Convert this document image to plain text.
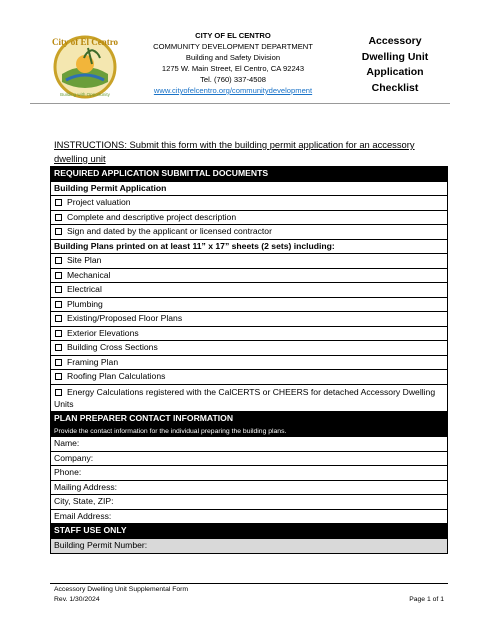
City of El Centro
Building with Opportunity
CITY OF EL CENTRO
COMMUNITY DEVELOPMENT DEPARTMENT
Building and Safety Division
1275 W. Main Street, El Centro, CA 92243
Tel. (760) 337-4508
www.cityofelcentro.org/communitydevelopment
Accessory
Dwelling Unit
Application
Checklist
INSTRUCTIONS: Submit this form with the building permit application for an accessory dwelling unit
REQUIRED APPLICATION SUBMITTAL DOCUMENTS
Building Permit Application
Project valuation
Complete and descriptive project description
Sign and dated by the applicant or licensed contractor
Building Plans printed on at least 11” x 17” sheets (2 sets) including:
Site Plan
Mechanical
Electrical
Plumbing
Existing/Proposed Floor Plans
Exterior Elevations
Building Cross Sections
Framing Plan
Roofing Plan Calculations
Energy Calculations registered with the CalCERTS or CHEERS for detached Accessory Dwelling Units
PLAN PREPARER CONTACT INFORMATION
Provide the contact information for the individual preparing the building plans.
Name:
Company:
Phone:
Mailing Address:
City, State, ZIP:
Email Address:
STAFF USE ONLY
Building Permit Number:
Accessory Dwelling Unit Supplemental Form
Rev. 1/30/2024	Page 1 of 1
